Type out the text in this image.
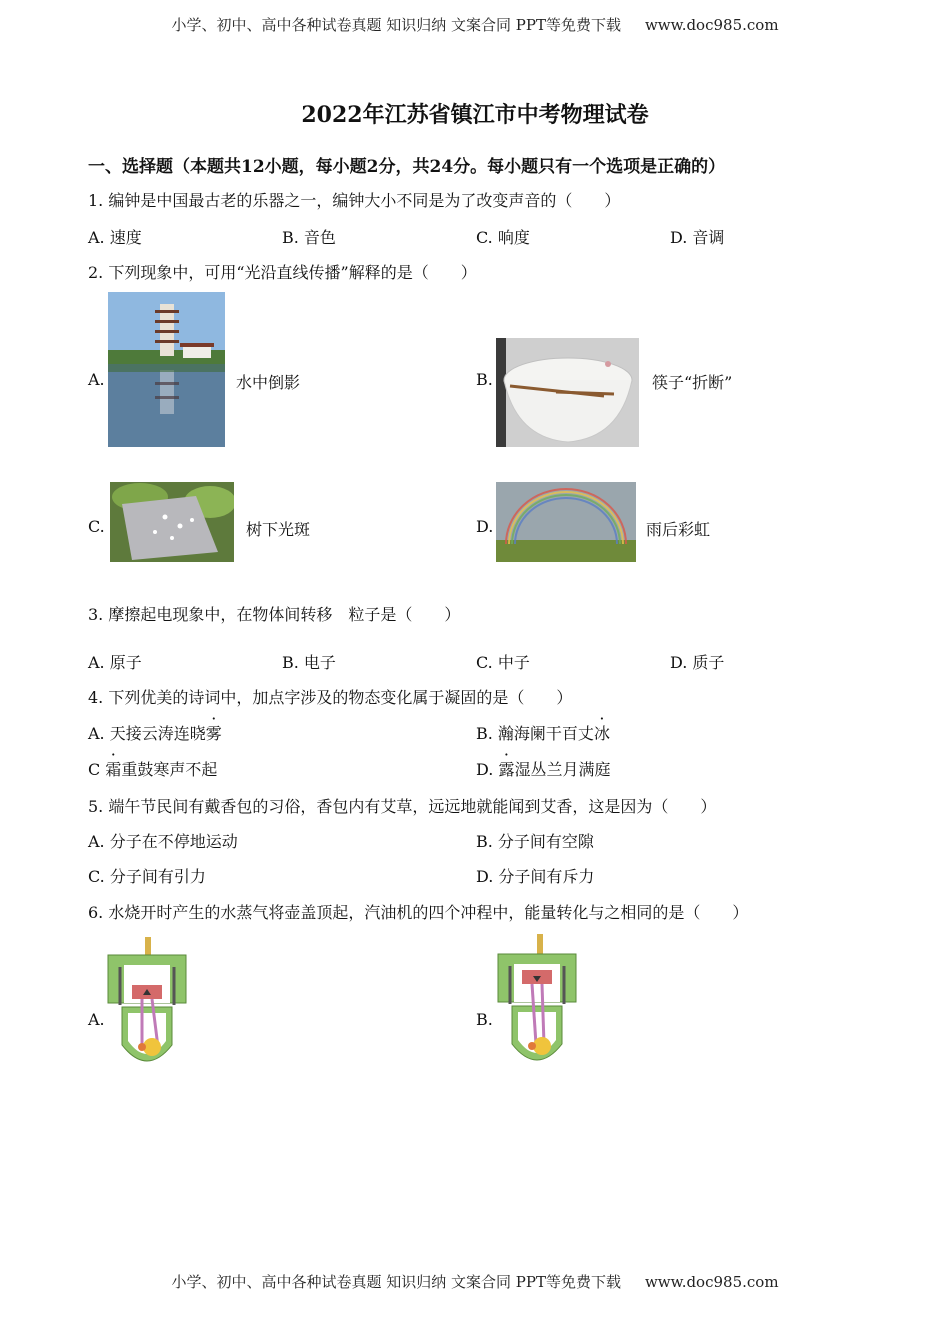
小学、初中、高中各种试卷真题 知识归纳 文案合同 PPT等免费下载 www.doc985.com
2022年江苏省镇江市中考物理试卷
一、选择题（本题共12小题，每小题2分，共24分。每小题只有一个选项是正确的）
1. 编钟是中国最古老的乐器之一，编钟大小不同是为了改变声音的（　　）
A. 速度	B. 音色	C. 响度	D. 音调
2. 下列现象中，可用“光沿直线传播”解释的是（　　）
A.	水中倒影	B.	筷子“折断”
C.	树下光斑	D.	雨后彩虹
3. 摩擦起电现象中，在物体间转移　粒子是（　　）
A. 原子	B. 电子	C. 中子	D. 质子
4. 下列优美的诗词中，加点字涉及的物态变化属于凝固的是（　　）
A. 天接云涛连晓雾	B. 瀚海阑干百丈冰
C 霜重鼓寒声不起	D. 露湿丛兰月满庭
5. 端午节民间有戴香包的习俗，香包内有艾草，远远地就能闻到艾香，这是因为（　　）
A. 分子在不停地运动	B. 分子间有空隙
C. 分子间有引力	D. 分子间有斥力
6. 水烧开时产生的水蒸气将壶盖顶起，汽油机的四个冲程中，能量转化与之相同的是（　　）
A.	B.
小学、初中、高中各种试卷真题 知识归纳 文案合同 PPT等免费下载 www.doc985.com
